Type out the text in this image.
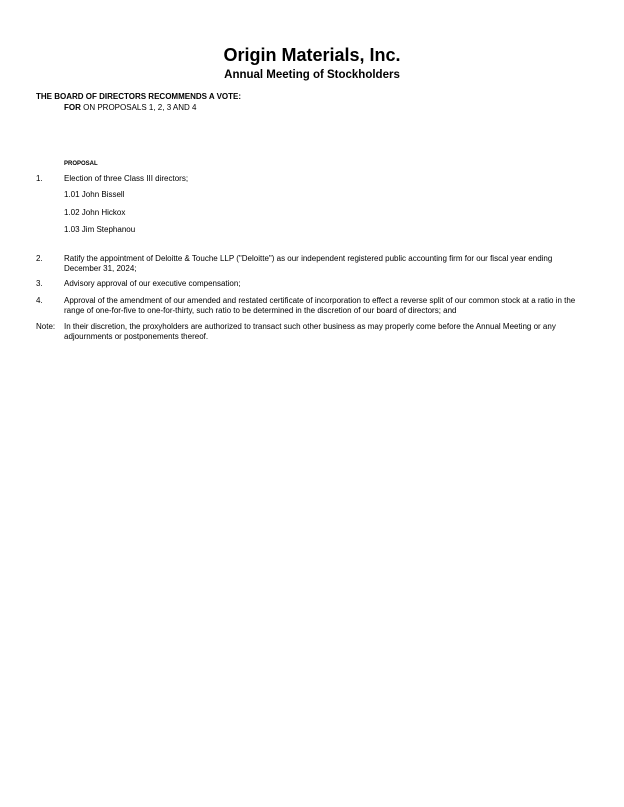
Origin Materials, Inc.
Annual Meeting of Stockholders
THE BOARD OF DIRECTORS RECOMMENDS A VOTE:
FOR ON PROPOSALS 1, 2, 3 AND 4
PROPOSAL
1.	Election of three Class III directors;
1.01 John Bissell
1.02 John Hickox
1.03 Jim Stephanou
2.	Ratify the appointment of Deloitte & Touche LLP ("Deloitte") as our independent registered public accounting firm for our fiscal year ending December 31, 2024;
3.	Advisory approval of our executive compensation;
4.	Approval of the amendment of our amended and restated certificate of incorporation to effect a reverse split of our common stock at a ratio in the range of one-for-five to one-for-thirty, such ratio to be determined in the discretion of our board of directors; and
Note: In their discretion, the proxyholders are authorized to transact such other business as may properly come before the Annual Meeting or any adjournments or postponements thereof.
